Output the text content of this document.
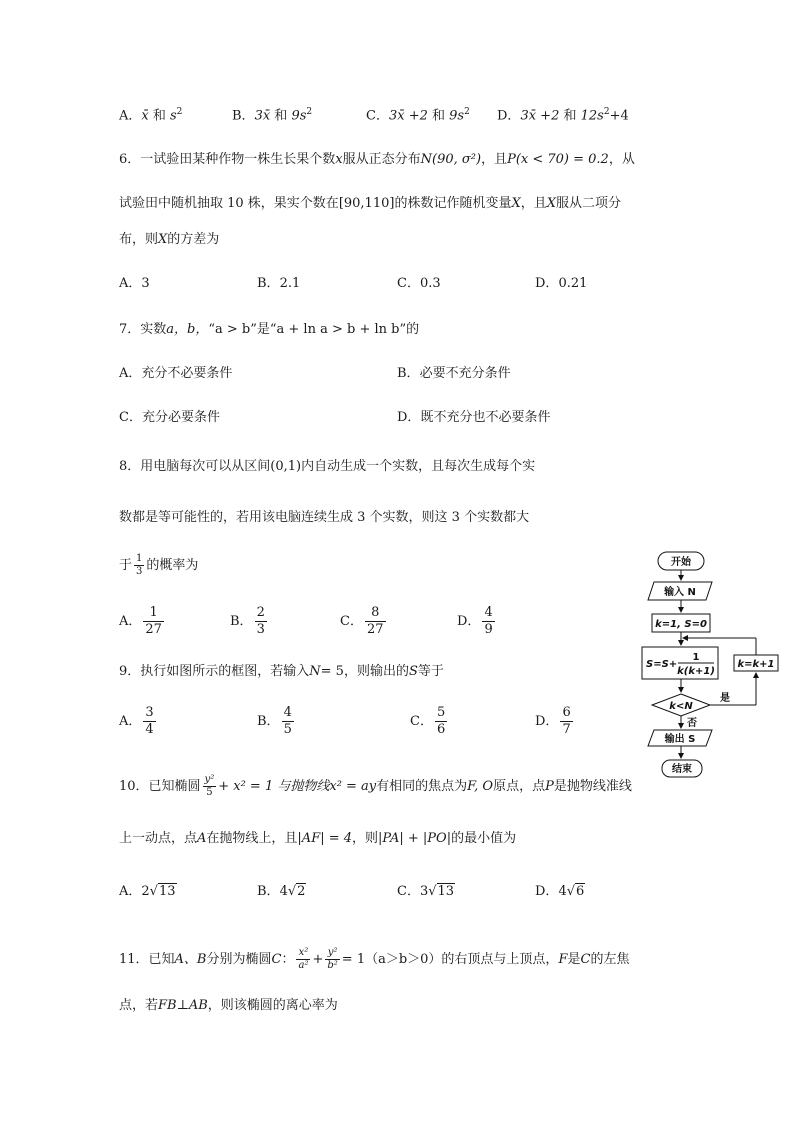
A．x̄ 和 $s^2$	B．3x̄ 和 $9s^2$	C．3x̄ +2 和 $9s^2$ D．3x̄ +2 和 $12s^2+4$
6．一试验田某种作物一株生长果个数x服从正态分布N(90, σ²)，且P(x < 70) = 0.2，从
试验田中随机抽取 10 株，果实个数在[90,110]的株数记作随机变量X，且X服从二项分
布，则X的方差为
A．3	B．2.1	C．0.3	D．0.21
7．实数a，b，“a > b”是“a + ln a > b + ln b”的
A．充分不必要条件	B．必要不充分条件
C．充分必要条件	D．既不充分也不必要条件
8．用电脑每次可以从区间(0,1)内自动生成一个实数，且每次生成每个实
数都是等可能性的，若用该电脑连续生成 3 个实数，则这 3 个实数都大
于 $\frac{1}{3}$ 的概率为
A． $\frac{1}{27}$	B． $\frac{2}{3}$	C． $\frac{8}{27}$	D． $\frac{4}{9}$
9．执行如图所示的框图，若输入N= 5，则输出的S等于
A． $\frac{3}{4}$	B． $\frac{4}{5}$	C． $\frac{5}{6}$	D． $\frac{6}{7}$
开始
输入 N
k=1, S=0
S=S+
1
k(k+1)
k<N
是
k=k+1
否
输出 S
结束
10．已知椭圆 $\frac{\text{y²}}{5} + x^2 = 1$ 与抛物线x² = ay有相同的焦点为F, O原点，点P是抛物线准线
上一动点，点A在抛物线上，且|AF| = 4，则|PA| + |PO|的最小值为
A．2√13	B．4√2	C．3√13	D．4√6
11．已知A、B分别为椭圆C： $\frac{\text{x²}}{\text{a²}} + \frac{\text{y²}}{\text{b²}} = 1(a>b>0)$的右顶点与上顶点，F是C的左焦
点，若FB⊥AB，则该椭圆的离心率为
